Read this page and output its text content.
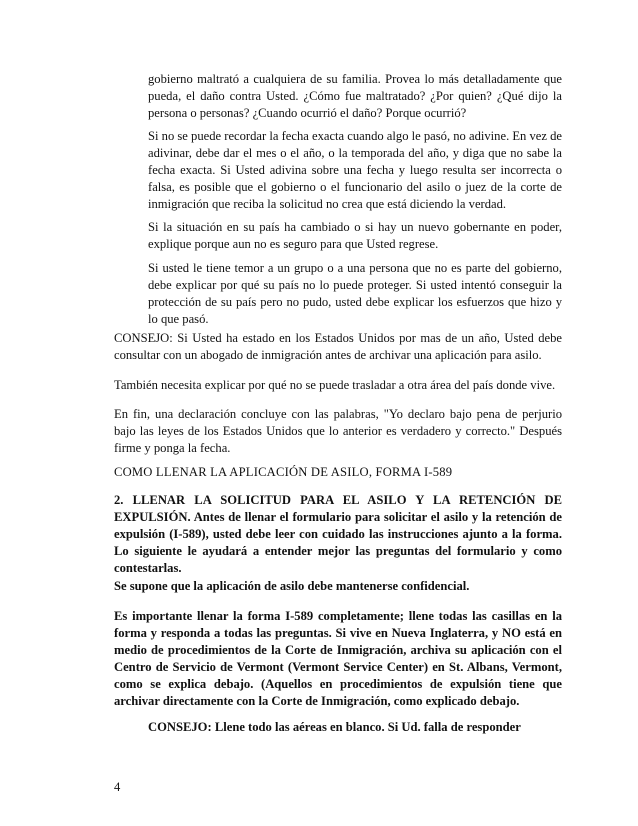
gobierno maltrató a cualquiera de su familia. Provea lo más detalladamente que pueda, el daño contra Usted. ¿Cómo fue maltratado? ¿Por quien? ¿Qué dijo la persona o personas? ¿Cuando ocurrió el daño? Porque ocurrió?

Si no se puede recordar la fecha exacta cuando algo le pasó, no adivine. En vez de adivinar, debe dar el mes o el año, o la temporada del año, y diga que no sabe la fecha exacta. Si Usted adivina sobre una fecha y luego resulta ser incorrecta o falsa, es posible que el gobierno o el funcionario del asilo o juez de la corte de inmigración que reciba la solicitud no crea que está diciendo la verdad.

Si la situación en su país ha cambiado o si hay un nuevo gobernante en poder, explique porque aun no es seguro para que Usted regrese.

Si usted le tiene temor a un grupo o a una persona que no es parte del gobierno, debe explicar por qué su país no lo puede proteger. Si usted intentó conseguir la protección de su país pero no pudo, usted debe explicar los esfuerzos que hizo y lo que pasó.

CONSEJO: Si Usted ha estado en los Estados Unidos por mas de un año, Usted debe consultar con un abogado de inmigración antes de archivar una aplicación para asilo.

También necesita explicar por qué no se puede trasladar a otra área del país donde vive.

En fin, una declaración concluye con las palabras, "Yo declaro bajo pena de perjurio bajo las leyes de los Estados Unidos que lo anterior es verdadero y correcto." Después firme y ponga la fecha.

COMO LLENAR LA APLICACIÓN DE ASILO, FORMA I-589

2. LLENAR LA SOLICITUD PARA EL ASILO Y LA RETENCIÓN DE EXPULSIÓN. Antes de llenar el formulario para solicitar el asilo y la retención de expulsión (I-589), usted debe leer con cuidado las instrucciones ajunto a la forma. Lo siguiente le ayudará a entender mejor las preguntas del formulario y como contestarlas.

Se supone que la aplicación de asilo debe mantenerse confidencial.

Es importante llenar la forma I-589 completamente; llene todas las casillas en la forma y responda a todas las preguntas. Si vive en Nueva Inglaterra, y NO está en medio de procedimientos de la Corte de Inmigración, archiva su aplicación con el Centro de Servicio de Vermont (Vermont Service Center) en St. Albans, Vermont, como se explica debajo. (Aquellos en procedimientos de expulsión tiene que archivar directamente con la Corte de Inmigración, como explicado debajo.

CONSEJO: Llene todo las aéreas en blanco. Si Ud. falla de responder

4
